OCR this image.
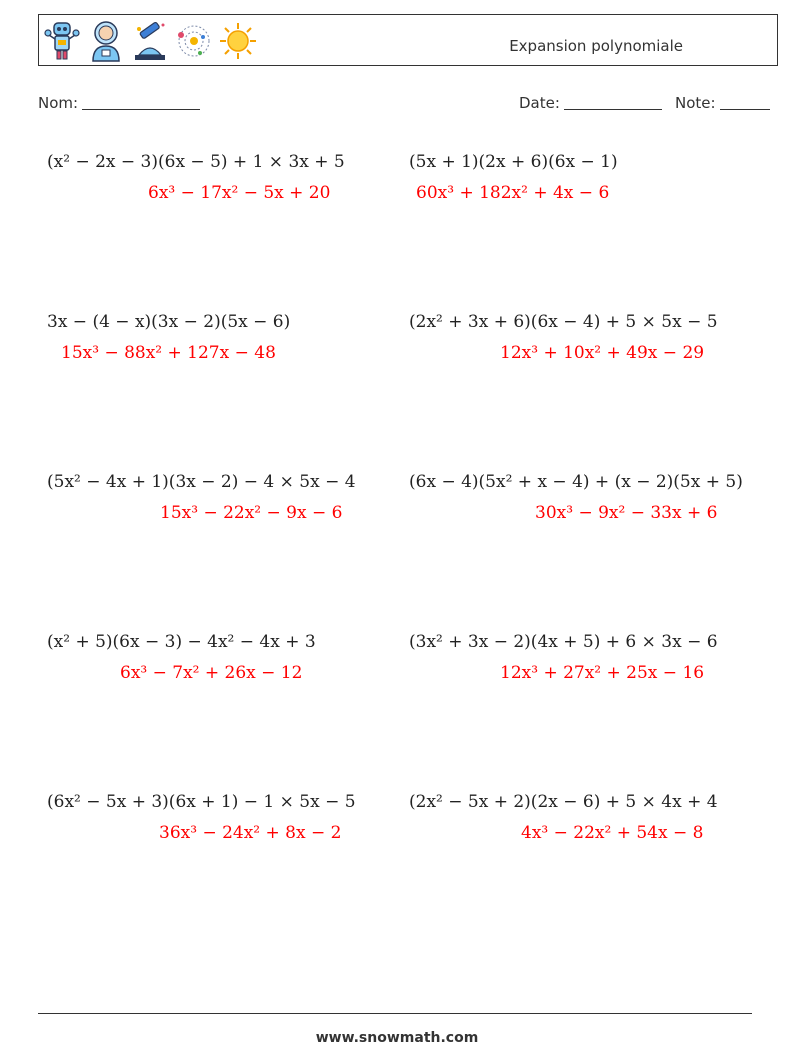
Expansion polynomiale
Nom:	Date:	Note:
(x² − 2x − 3)(6x − 5) + 1 × 3x + 5
6x³ − 17x² − 5x + 20
(5x + 1)(2x + 6)(6x − 1)
60x³ + 182x² + 4x − 6
3x − (4 − x)(3x − 2)(5x − 6)
15x³ − 88x² + 127x − 48
(2x² + 3x + 6)(6x − 4) + 5 × 5x − 5
12x³ + 10x² + 49x − 29
(5x² − 4x + 1)(3x − 2) − 4 × 5x − 4
15x³ − 22x² − 9x − 6
(6x − 4)(5x² + x − 4) + (x − 2)(5x + 5)
30x³ − 9x² − 33x + 6
(x² + 5)(6x − 3) − 4x² − 4x + 3
6x³ − 7x² + 26x − 12
(3x² + 3x − 2)(4x + 5) + 6 × 3x − 6
12x³ + 27x² + 25x − 16
(6x² − 5x + 3)(6x + 1) − 1 × 5x − 5
36x³ − 24x² + 8x − 2
(2x² − 5x + 2)(2x − 6) + 5 × 4x + 4
4x³ − 22x² + 54x − 8
www.snowmath.com
